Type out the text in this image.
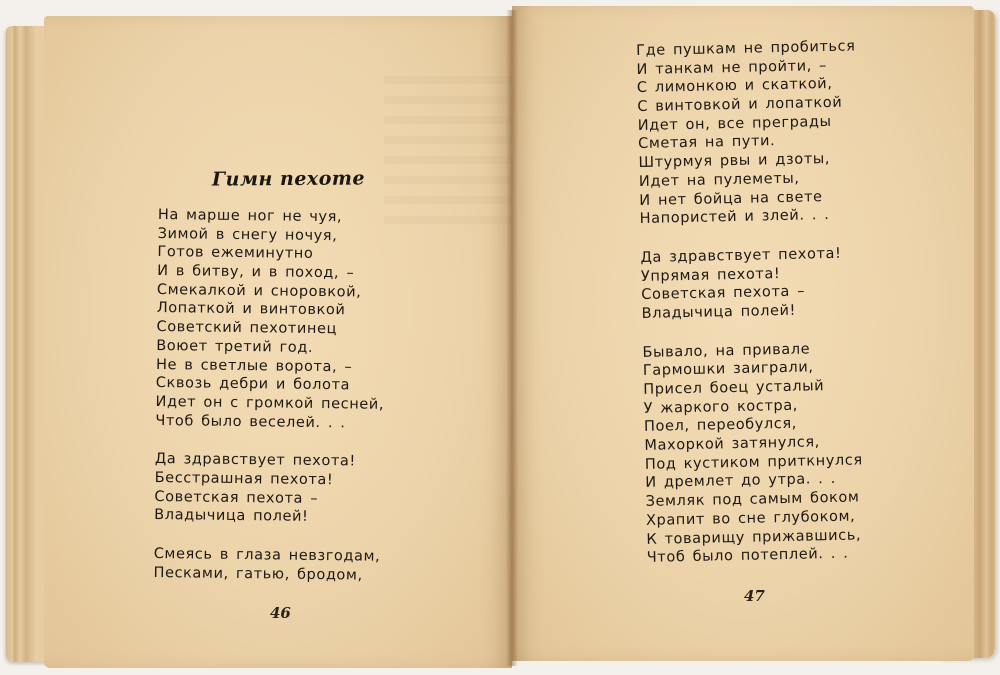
Гимн пехоте
На марше ног не чуя,
Зимой в снегу ночуя,
Готов ежеминутно
И в битву, и в поход, –
Смекалкой и сноровкой,
Лопаткой и винтовкой
Советский пехотинец
Воюет третий год.
Не в светлые ворота, –
Сквозь дебри и болота
Идет он с громкой песней,
Чтоб было веселей. . .
Да здравствует пехота!
Бесстрашная пехота!
Советская пехота –
Владычица полей!
Смеясь в глаза невзгодам,
Песками, гатью, бродом,
Где пушкам не пробиться
И танкам не пройти, –
С лимонкою и скаткой,
С винтовкой и лопаткой
Идет он, все преграды
Сметая на пути.
Штурмуя рвы и дзоты,
Идет на пулеметы,
И нет бойца на свете
Напористей и злей. . .
Да здравствует пехота!
Упрямая пехота!
Советская пехота –
Владычица полей!
Бывало, на привале
Гармошки заиграли,
Присел боец усталый
У жаркого костра,
Поел, переобулся,
Махоркой затянулся,
Под кустиком приткнулся
И дремлет до утра. . .
Земляк под самым боком
Храпит во сне глубоком,
К товарищу прижавшись,
Чтоб было потеплей. . .
46
47
